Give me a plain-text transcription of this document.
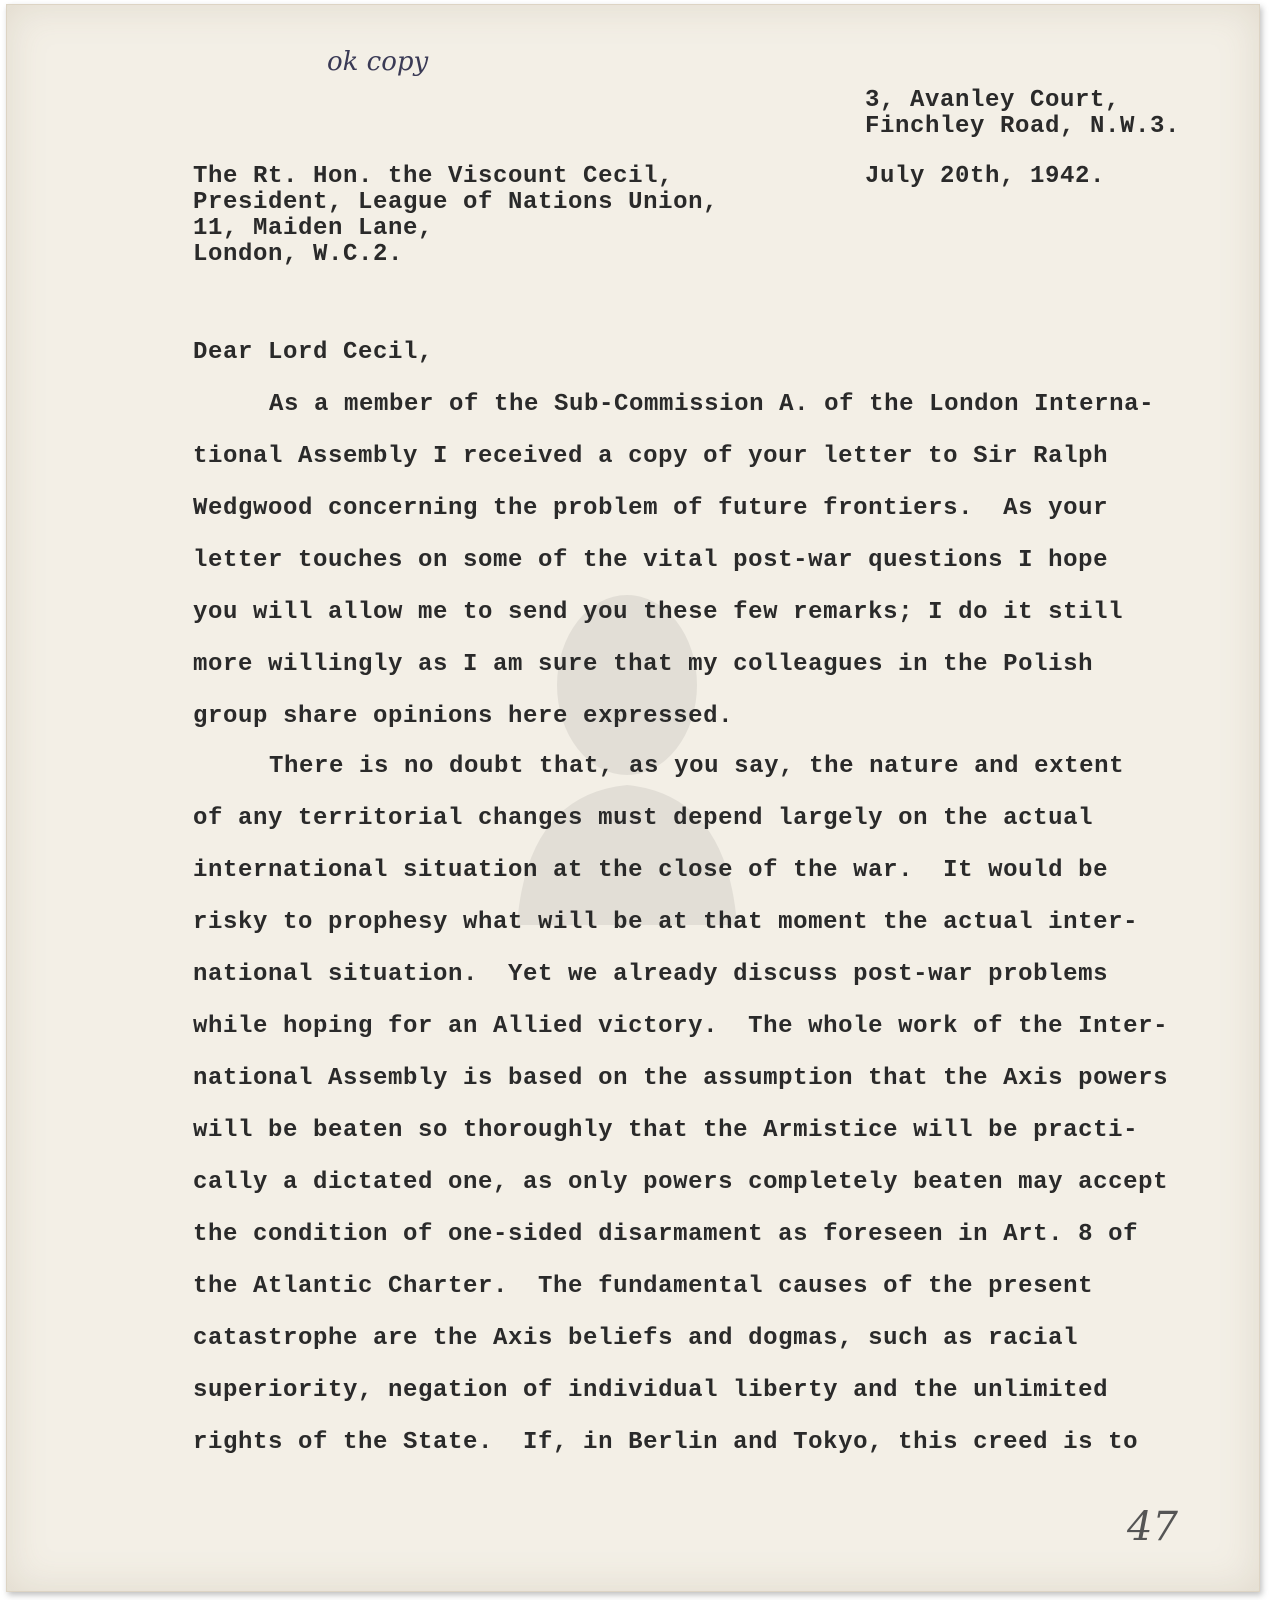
ok copy

3, Avanley Court,

Finchley Road, N.W.3.

July 20th, 1942.

The Rt. Hon. the Viscount Cecil,

President, League of Nations Union,

11, Maiden Lane,

London, W.C.2.

Dear Lord Cecil,

As a member of the Sub-Commission A. of the London Interna-

tional Assembly I received a copy of your letter to Sir Ralph

Wedgwood concerning the problem of future frontiers.  As your

letter touches on some of the vital post-war questions I hope

you will allow me to send you these few remarks; I do it still

more willingly as I am sure that my colleagues in the Polish

group share opinions here expressed.

There is no doubt that, as you say, the nature and extent

of any territorial changes must depend largely on the actual

international situation at the close of the war.  It would be

risky to prophesy what will be at that moment the actual inter-

national situation.  Yet we already discuss post-war problems

while hoping for an Allied victory.  The whole work of the Inter-

national Assembly is based on the assumption that the Axis powers

will be beaten so thoroughly that the Armistice will be practi-

cally a dictated one, as only powers completely beaten may accept

the condition of one-sided disarmament as foreseen in Art. 8 of

the Atlantic Charter.  The fundamental causes of the present

catastrophe are the Axis beliefs and dogmas, such as racial

superiority, negation of individual liberty and the unlimited

rights of the State.  If, in Berlin and Tokyo, this creed is to

47
